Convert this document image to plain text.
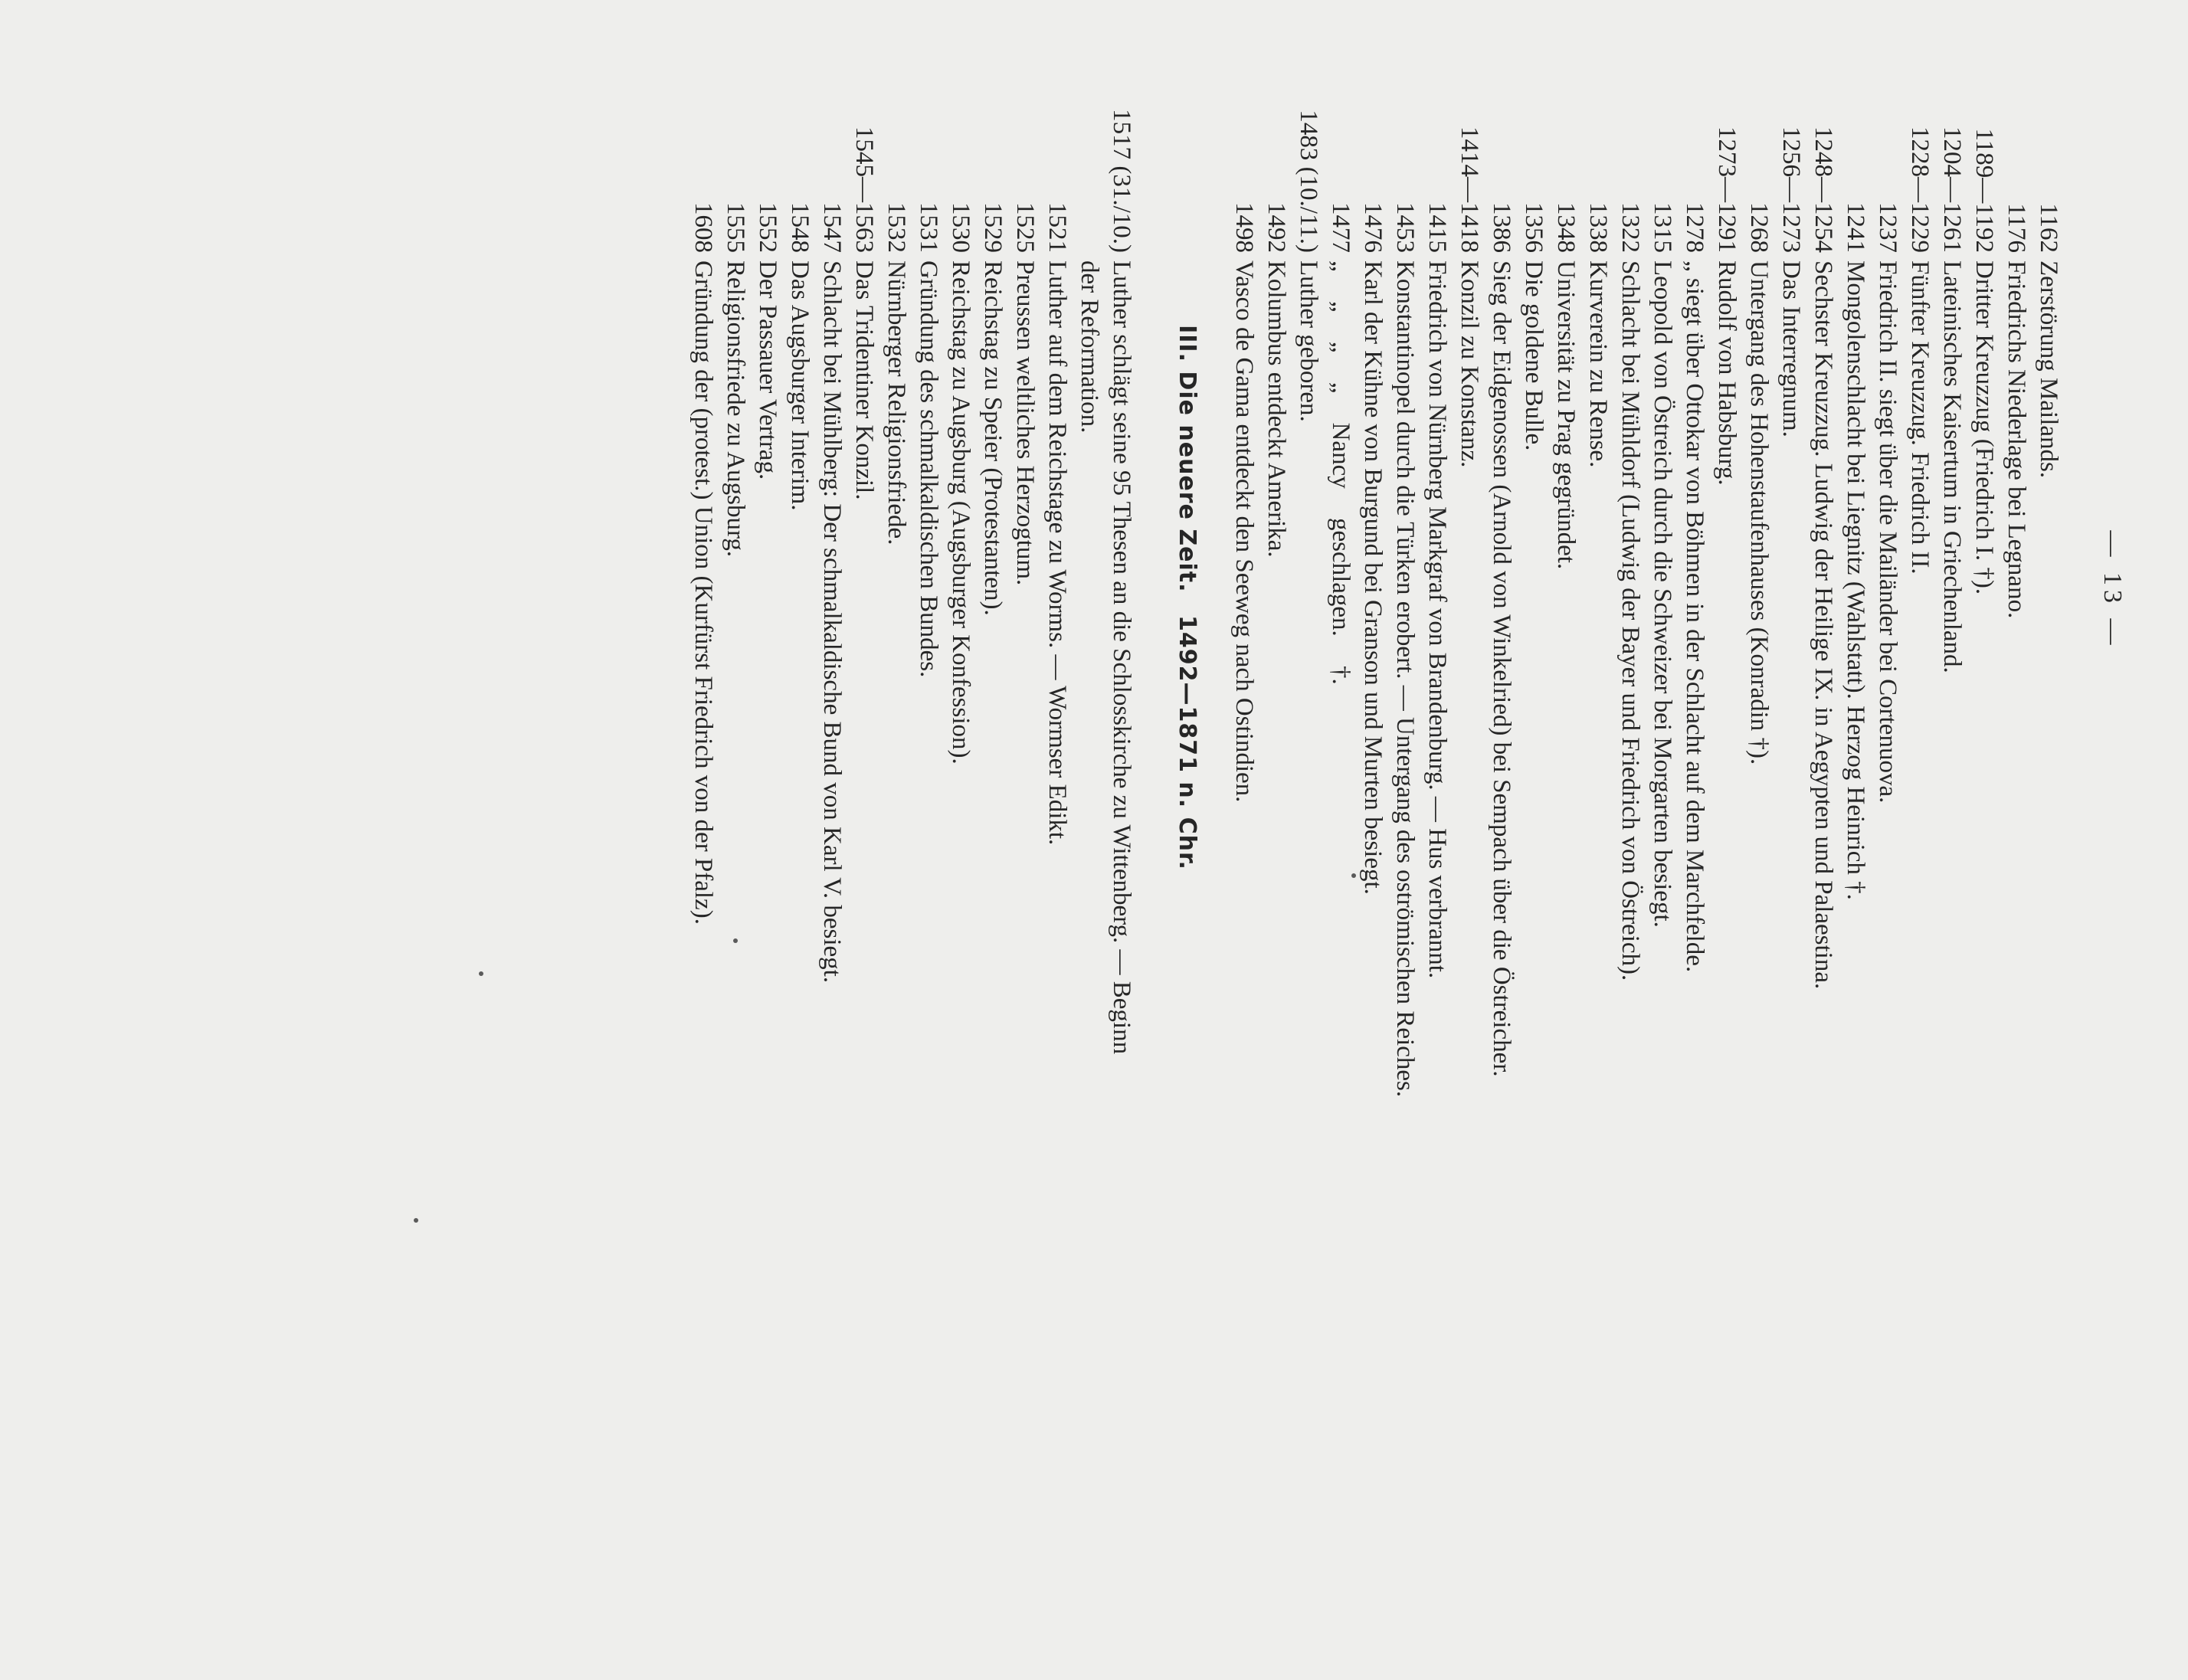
— 13 —
1162
Zerstörung Mailands.
1176
Friedrichs Niederlage bei Legnano.
1189—1192
Dritter Kreuzzug (Friedrich I. †).
1204—1261
Lateinisches Kaisertum in Griechenland.
1228—1229
Fünfter Kreuzzug. Friedrich II.
1237
Friedrich II. siegt über die Mailänder bei Cortenuova.
1241
Mongolenschlacht bei Liegnitz (Wahlstatt). Herzog Heinrich †.
1248—1254
Sechster Kreuzzug. Ludwig der Heilige IX. in Aegypten und Palaestina.
1256—1273
Das Interregnum.
1268
Untergang des Hohenstaufenhauses (Konradin †).
1273—1291
Rudolf von Habsburg.
1278
„ siegt über Ottokar von Böhmen in der Schlacht auf dem Marchfelde.
1315
Leopold von Östreich durch die Schweizer bei Morgarten besiegt.
1322
Schlacht bei Mühldorf (Ludwig der Bayer und Friedrich von Östreich).
1338
Kurverein zu Rense.
1348
Universität zu Prag gegründet.
1356
Die goldene Bulle.
1386
Sieg der Eidgenossen (Arnold von Winkelried) bei Sempach über die Östreicher.
1414—1418
Konzil zu Konstanz.
1415
Friedrich von Nürnberg Markgraf von Brandenburg. — Hus verbrannt.
1453
Konstantinopel durch die Türken erobert. — Untergang des oströmischen Reiches.
1476
Karl der Kühne von Burgund bei Granson und Murten besiegt.
1477
„ „ „ „ Nancy geschlagen. †.
1483 (10./11.)
Luther geboren.
1492
Kolumbus entdeckt Amerika.
1498
Vasco de Gama entdeckt den Seeweg nach Ostindien.
III. Die neuere Zeit. 1492—1871 n. Chr.
1517 (31./10.)
Luther schlägt seine 95 Thesen an die Schlosskirche zu Wittenberg. — Beginn
der Reformation.
1521
Luther auf dem Reichstage zu Worms. — Wormser Edikt.
1525
Preussen weltliches Herzogtum.
1529
Reichstag zu Speier (Protestanten).
1530
Reichstag zu Augsburg (Augsburger Konfession).
1531
Gründung des schmalkaldischen Bundes.
1532
Nürnberger Religionsfriede.
1545—1563
Das Tridentiner Konzil.
1547
Schlacht bei Mühlberg: Der schmalkaldische Bund von Karl V. besiegt.
1548
Das Augsburger Interim.
1552
Der Passauer Vertrag.
1555
Religionsfriede zu Augsburg.
1608
Gründung der (protest.) Union (Kurfürst Friedrich von der Pfalz).
